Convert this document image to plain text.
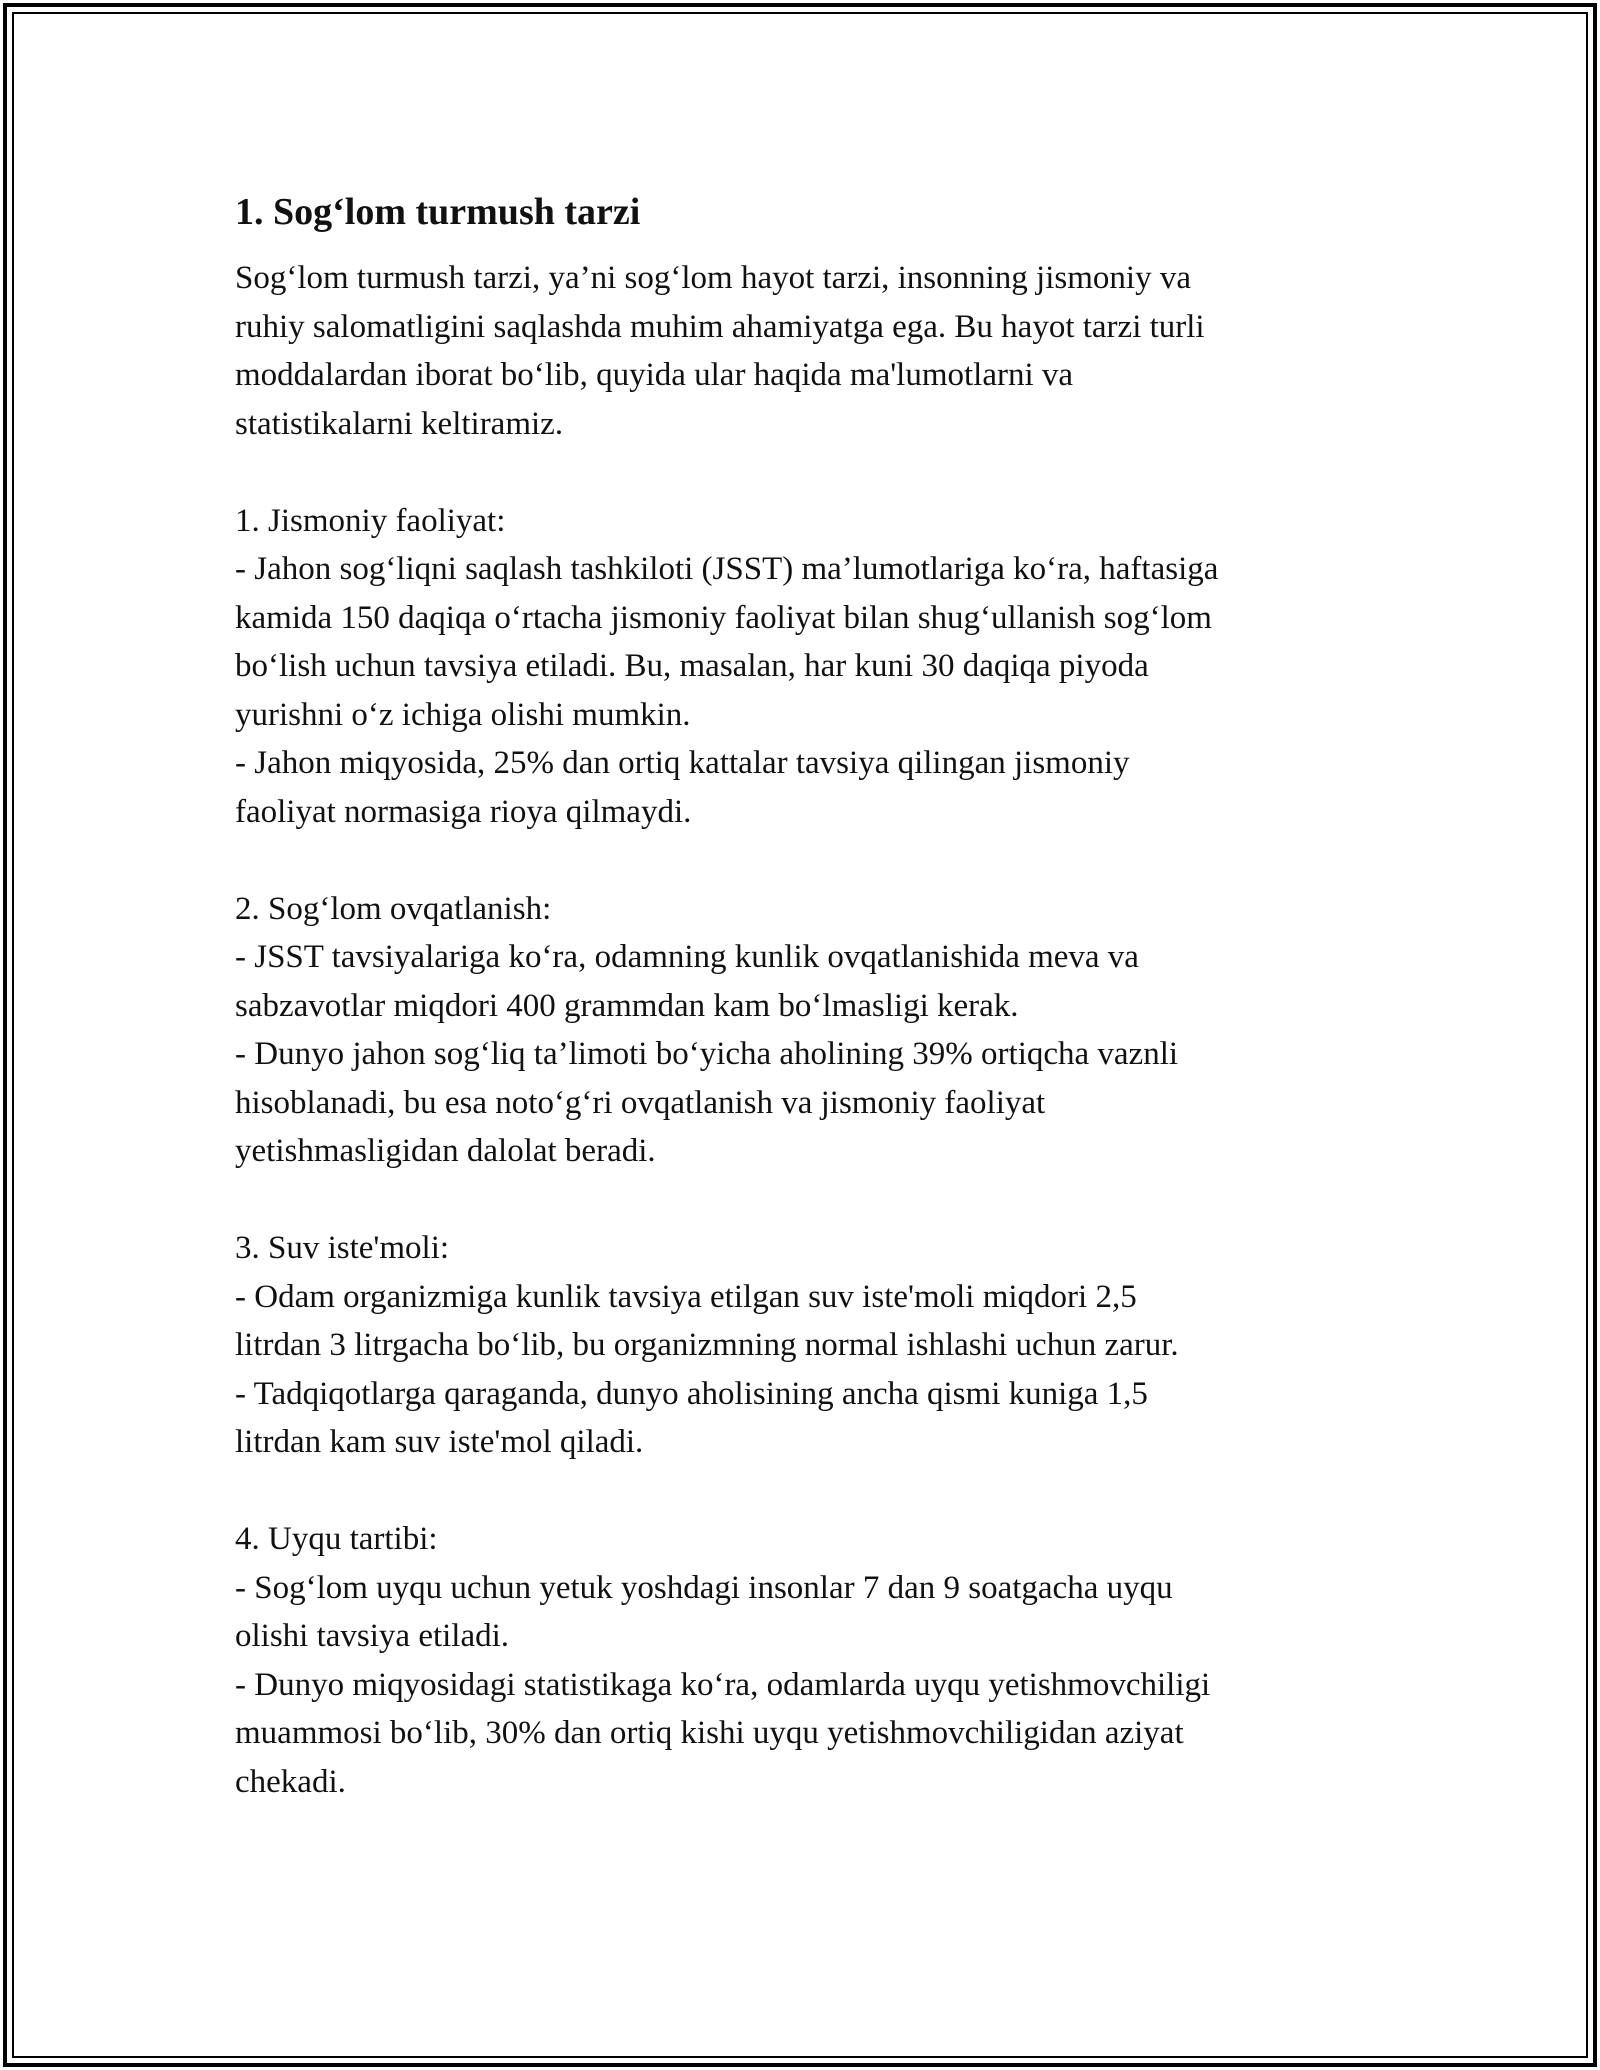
1. Sog‘lom turmush tarzi

Sog‘lom turmush tarzi, ya’ni sog‘lom hayot tarzi, insonning jismoniy va
ruhiy salomatligini saqlashda muhim ahamiyatga ega. Bu hayot tarzi turli
moddalardan iborat bo‘lib, quyida ular haqida ma'lumotlarni va
statistikalarni keltiramiz.

1. Jismoniy faoliyat:

- Jahon sog‘liqni saqlash tashkiloti (JSST) ma’lumotlariga ko‘ra, haftasiga
kamida 150 daqiqa o‘rtacha jismoniy faoliyat bilan shug‘ullanish sog‘lom
bo‘lish uchun tavsiya etiladi. Bu, masalan, har kuni 30 daqiqa piyoda
yurishni o‘z ichiga olishi mumkin.

- Jahon miqyosida, 25% dan ortiq kattalar tavsiya qilingan jismoniy
faoliyat normasiga rioya qilmaydi.

2. Sog‘lom ovqatlanish:

- JSST tavsiyalariga ko‘ra, odamning kunlik ovqatlanishida meva va
sabzavotlar miqdori 400 grammdan kam bo‘lmasligi kerak.

- Dunyo jahon sog‘liq ta’limoti bo‘yicha aholining 39% ortiqcha vaznli
hisoblanadi, bu esa noto‘g‘ri ovqatlanish va jismoniy faoliyat
yetishmasligidan dalolat beradi.

3. Suv iste'moli:

- Odam organizmiga kunlik tavsiya etilgan suv iste'moli miqdori 2,5
litrdan 3 litrgacha bo‘lib, bu organizmning normal ishlashi uchun zarur.

- Tadqiqotlarga qaraganda, dunyo aholisining ancha qismi kuniga 1,5
litrdan kam suv iste'mol qiladi.

4. Uyqu tartibi:

- Sog‘lom uyqu uchun yetuk yoshdagi insonlar 7 dan 9 soatgacha uyqu
olishi tavsiya etiladi.

- Dunyo miqyosidagi statistikaga ko‘ra, odamlarda uyqu yetishmovchiligi
muammosi bo‘lib, 30% dan ortiq kishi uyqu yetishmovchiligidan aziyat
chekadi.
